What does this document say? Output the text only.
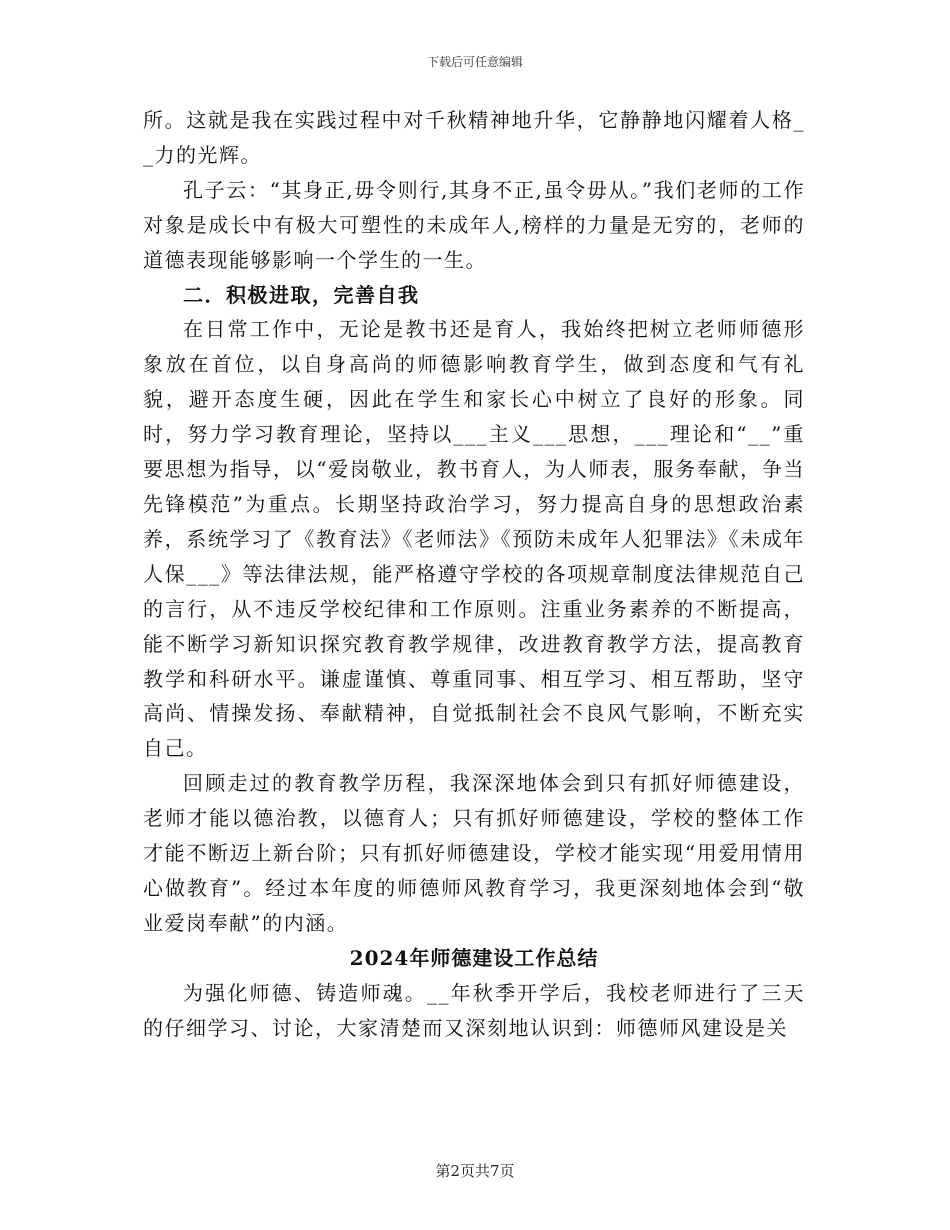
下载后可任意编辑

所。这就是我在实践过程中对千秋精神地升华，它静静地闪耀着人格__力的光辉。

孔子云：“其身正,毋令则行,其身不正,虽令毋从。”我们老师的工作对象是成长中有极大可塑性的未成年人,榜样的力量是无穷的，老师的道德表现能够影响一个学生的一生。

二．积极进取，完善自我

在日常工作中，无论是教书还是育人，我始终把树立老师师德形象放在首位，以自身高尚的师德影响教育学生，做到态度和气有礼貌，避开态度生硬，因此在学生和家长心中树立了良好的形象。同时，努力学习教育理论，坚持以___主义___思想，___理论和“__”重要思想为指导，以“爱岗敬业，教书育人，为人师表，服务奉献，争当先锋模范”为重点。长期坚持政治学习，努力提高自身的思想政治素养，系统学习了《教育法》《老师法》《预防未成年人犯罪法》《未成年人保___》等法律法规，能严格遵守学校的各项规章制度法律规范自己的言行，从不违反学校纪律和工作原则。注重业务素养的不断提高，能不断学习新知识探究教育教学规律，改进教育教学方法，提高教育教学和科研水平。谦虚谨慎、尊重同事、相互学习、相互帮助，坚守高尚、情操发扬、奉献精神，自觉抵制社会不良风气影响，不断充实自己。

回顾走过的教育教学历程，我深深地体会到只有抓好师德建设，老师才能以德治教，以德育人；只有抓好师德建设，学校的整体工作才能不断迈上新台阶；只有抓好师德建设，学校才能实现“用爱用情用心做教育”。经过本年度的师德师风教育学习，我更深刻地体会到“敬业爱岗奉献”的内涵。

2024年师德建设工作总结

为强化师德、铸造师魂。__年秋季开学后，我校老师进行了三天的仔细学习、讨论，大家清楚而又深刻地认识到：师德师风建设是关

第2页共7页
